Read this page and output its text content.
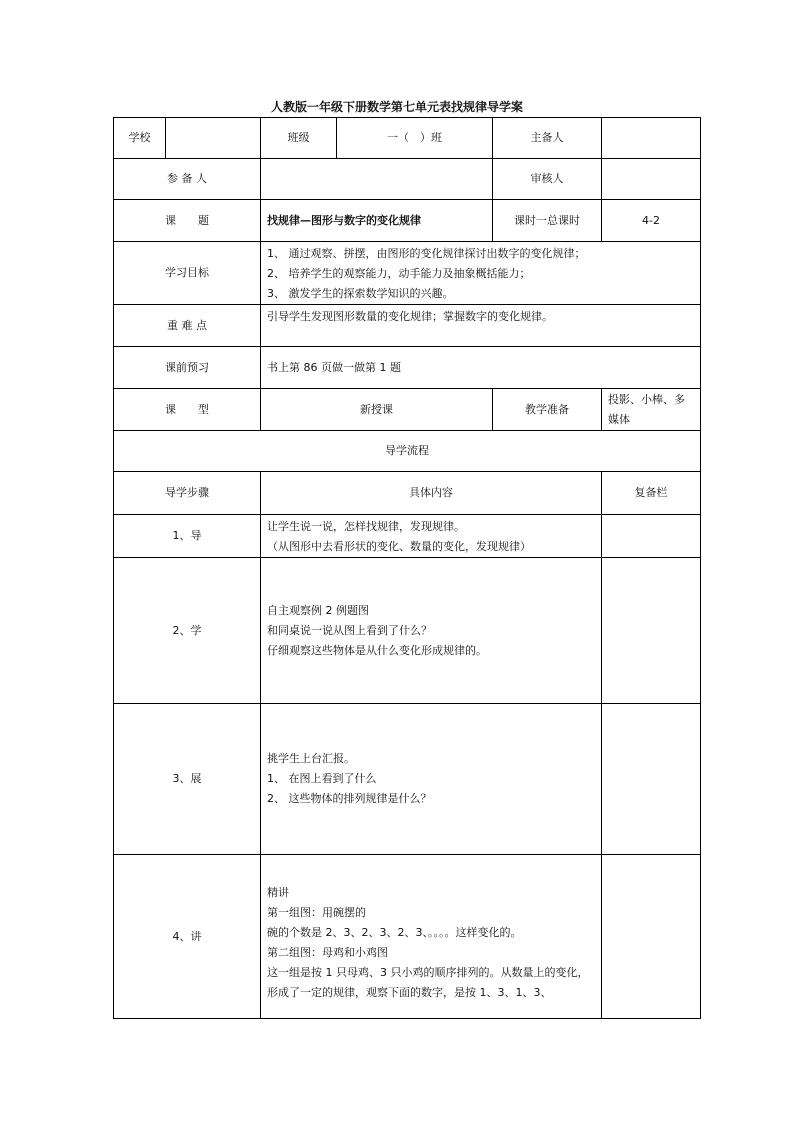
人教版一年级下册数学第七单元表找规律导学案
学校		班级	一（　）班	主备人	
参 备 人				审核人	
课　　题		找规律—图形与数字的变化规律		课时一总课时	4-2
学习目标		1、 通过观察、拼摆，由图形的变化规律探讨出数字的变化规律；
2、 培养学生的观察能力，动手能力及抽象概括能力；
3、 激发学生的探索数学知识的兴趣。			

重 难 点		引导学生发现图形数量的变化规律；掌握数字的变化规律。			
课前预习		书上第 86 页做一做第 1 题			
课　　型		新授课		教学准备	投影、小棒、多媒体

导学流程					
导学步骤		具体内容			复备栏
1、导		让学生说一说，怎样找规律，发现规律。
（从图形中去看形状的变化、数量的变化，发现规律）			

2、学		自主观察例 2 例题图
和同桌说一说从图上看到了什么？
仔细观察这些物体是从什么变化形成规律的。			

3、展		挑学生上台汇报。
1、 在图上看到了什么
2、 这些物体的排列规律是什么？			

4、讲		精讲
第一组图：用碗摆的
碗的个数是 2、3、2、3、2、3、。。。。这样变化的。
第二组图：母鸡和小鸡图
这一组是按 1 只母鸡、3 只小鸡的顺序排列的。从数量上的变化，形成了一定的规律，观察下面的数字，是按 1、3、1、3、			
